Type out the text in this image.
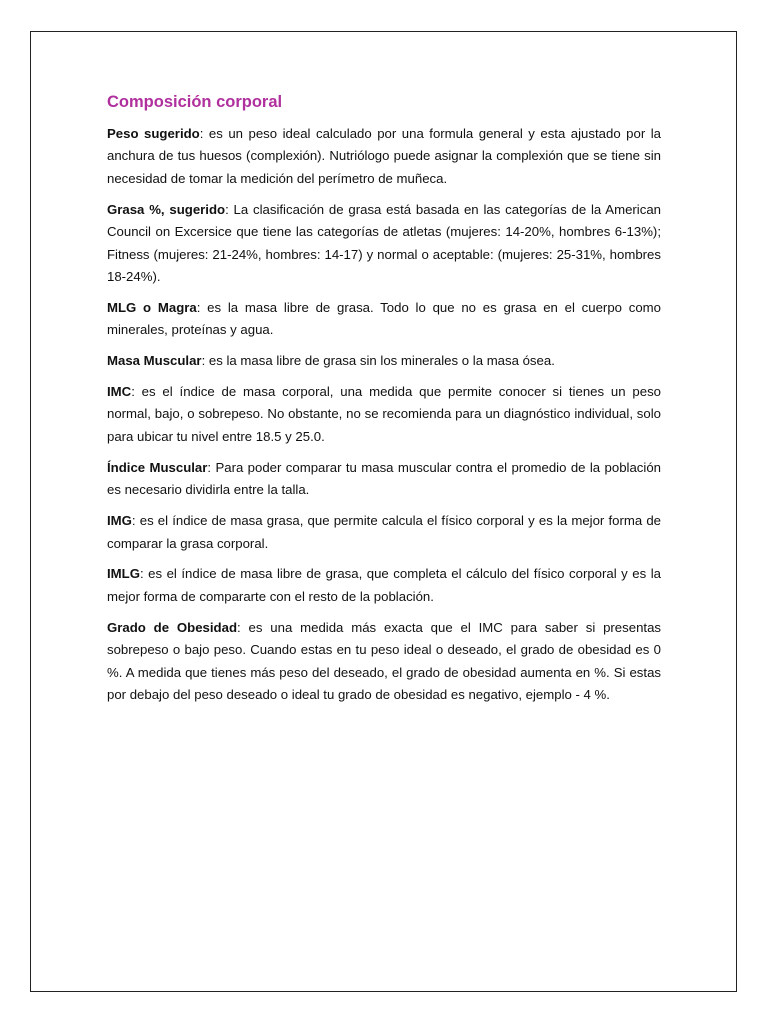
Composición corporal

Peso sugerido: es un peso ideal calculado por una formula general y esta ajustado por la anchura de tus huesos (complexión). Nutriólogo puede asignar la complexión que se tiene sin necesidad de tomar la medición del perímetro de muñeca.

Grasa %, sugerido: La clasificación de grasa está basada en las categorías de la American Council on Excersice que tiene las categorías de atletas (mujeres: 14-20%, hombres 6-13%); Fitness (mujeres: 21-24%, hombres: 14-17) y normal o aceptable: (mujeres: 25-31%, hombres 18-24%).

MLG o Magra: es la masa libre de grasa. Todo lo que no es grasa en el cuerpo como minerales, proteínas y agua.

Masa Muscular: es la masa libre de grasa sin los minerales o la masa ósea.

IMC: es el índice de masa corporal, una medida que permite conocer si tienes un peso normal, bajo, o sobrepeso. No obstante, no se recomienda para un diagnóstico individual, solo para ubicar tu nivel entre 18.5 y 25.0.

Índice Muscular: Para poder comparar tu masa muscular contra el promedio de la población es necesario dividirla entre la talla.

IMG: es el índice de masa grasa, que permite calcula el físico corporal y es la mejor forma de comparar la grasa corporal.

IMLG: es el índice de masa libre de grasa, que completa el cálculo del físico corporal y es la mejor forma de compararte con el resto de la población.

Grado de Obesidad: es una medida más exacta que el IMC para saber si presentas sobrepeso o bajo peso. Cuando estas en tu peso ideal o deseado, el grado de obesidad es 0 %. A medida que tienes más peso del deseado, el grado de obesidad aumenta en %. Si estas por debajo del peso deseado o ideal tu grado de obesidad es negativo, ejemplo - 4 %.
